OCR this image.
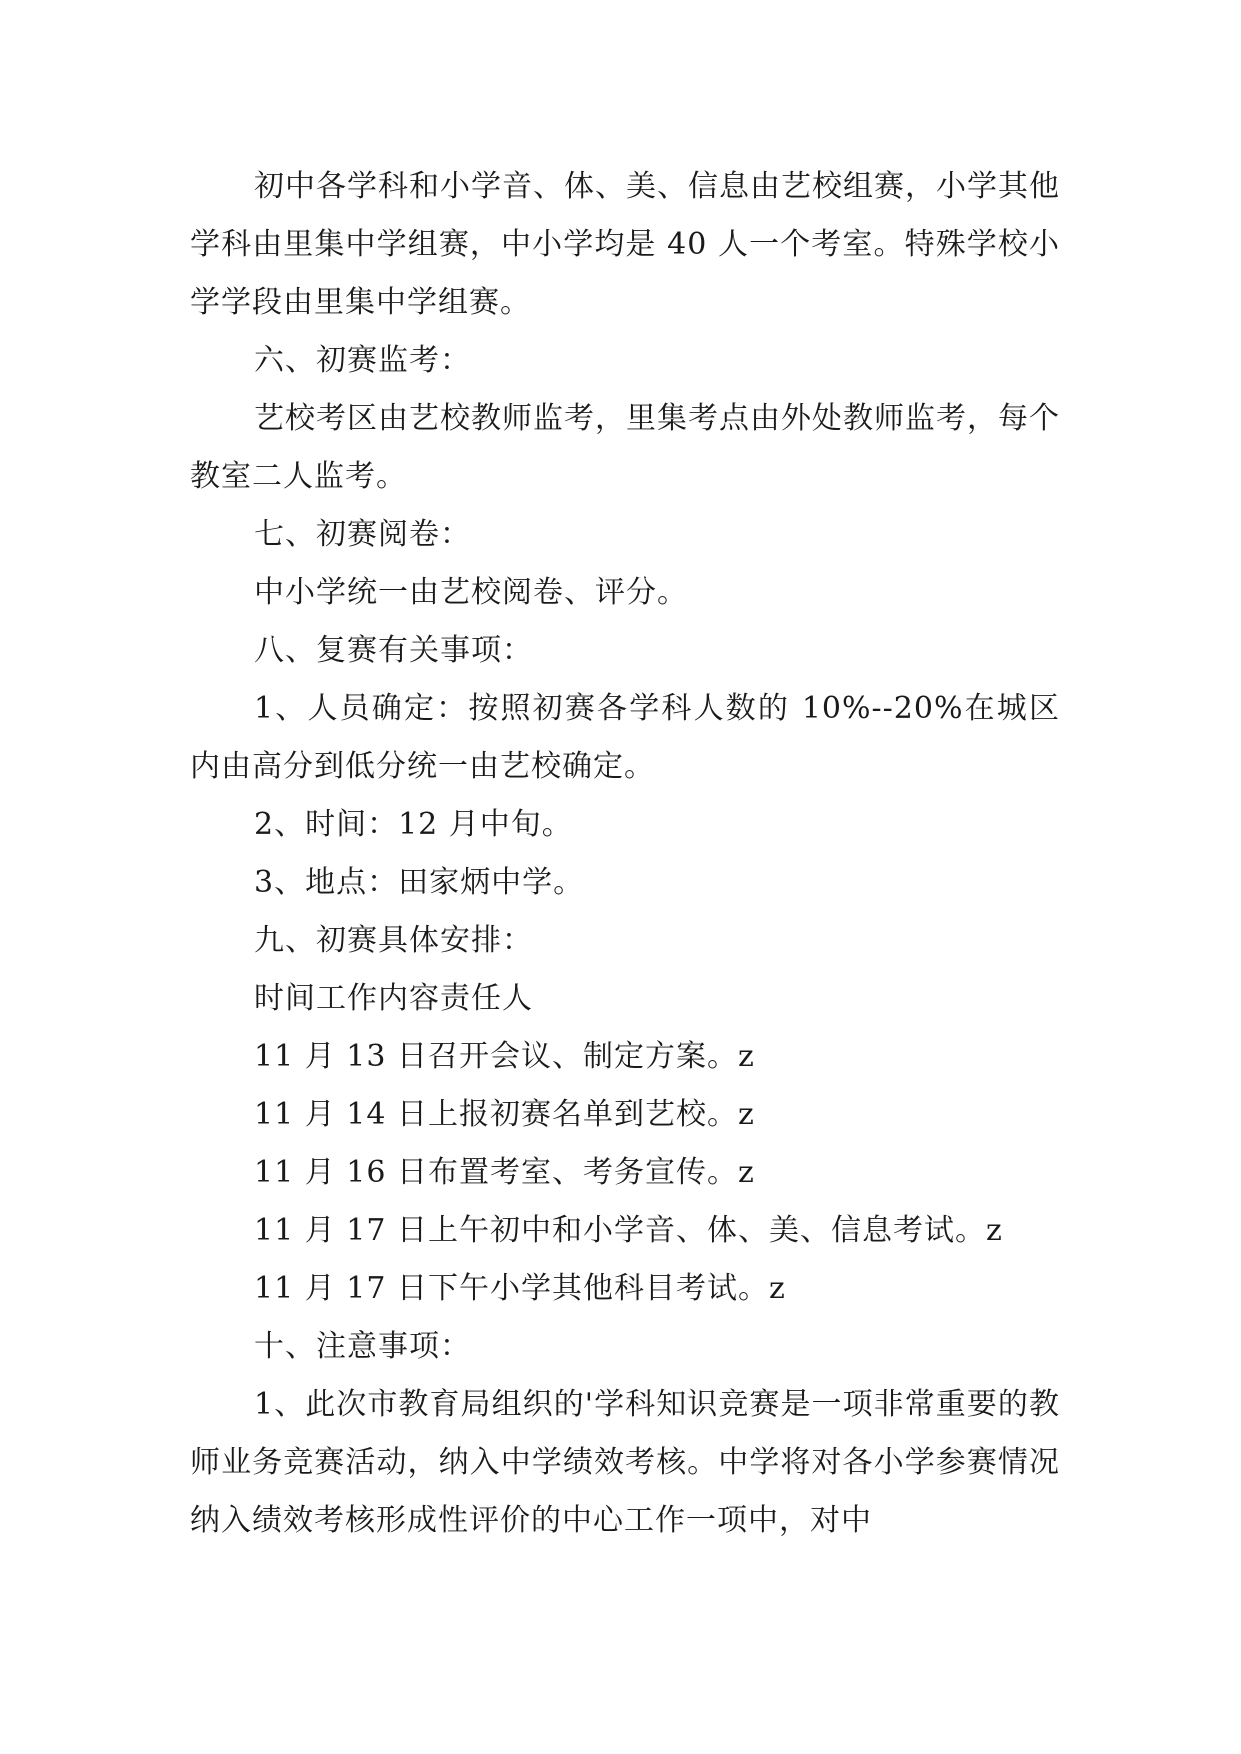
初中各学科和小学音、体、美、信息由艺校组赛，小学其他学科由里集中学组赛，中小学均是 40 人一个考室。特殊学校小学学段由里集中学组赛。

六、初赛监考：

艺校考区由艺校教师监考，里集考点由外处教师监考，每个教室二人监考。

七、初赛阅卷：

中小学统一由艺校阅卷、评分。

八、复赛有关事项：

1、人员确定：按照初赛各学科人数的 10%--20%在城区内由高分到低分统一由艺校确定。

2、时间：12 月中旬。

3、地点：田家炳中学。

九、初赛具体安排：

时间工作内容责任人

11 月 13 日召开会议、制定方案。z

11 月 14 日上报初赛名单到艺校。z

11 月 16 日布置考室、考务宣传。z

11 月 17 日上午初中和小学音、体、美、信息考试。z

11 月 17 日下午小学其他科目考试。z

十、注意事项：

1、此次市教育局组织的'学科知识竞赛是一项非常重要的教师业务竞赛活动，纳入中学绩效考核。中学将对各小学参赛情况纳入绩效考核形成性评价的中心工作一项中，对中
